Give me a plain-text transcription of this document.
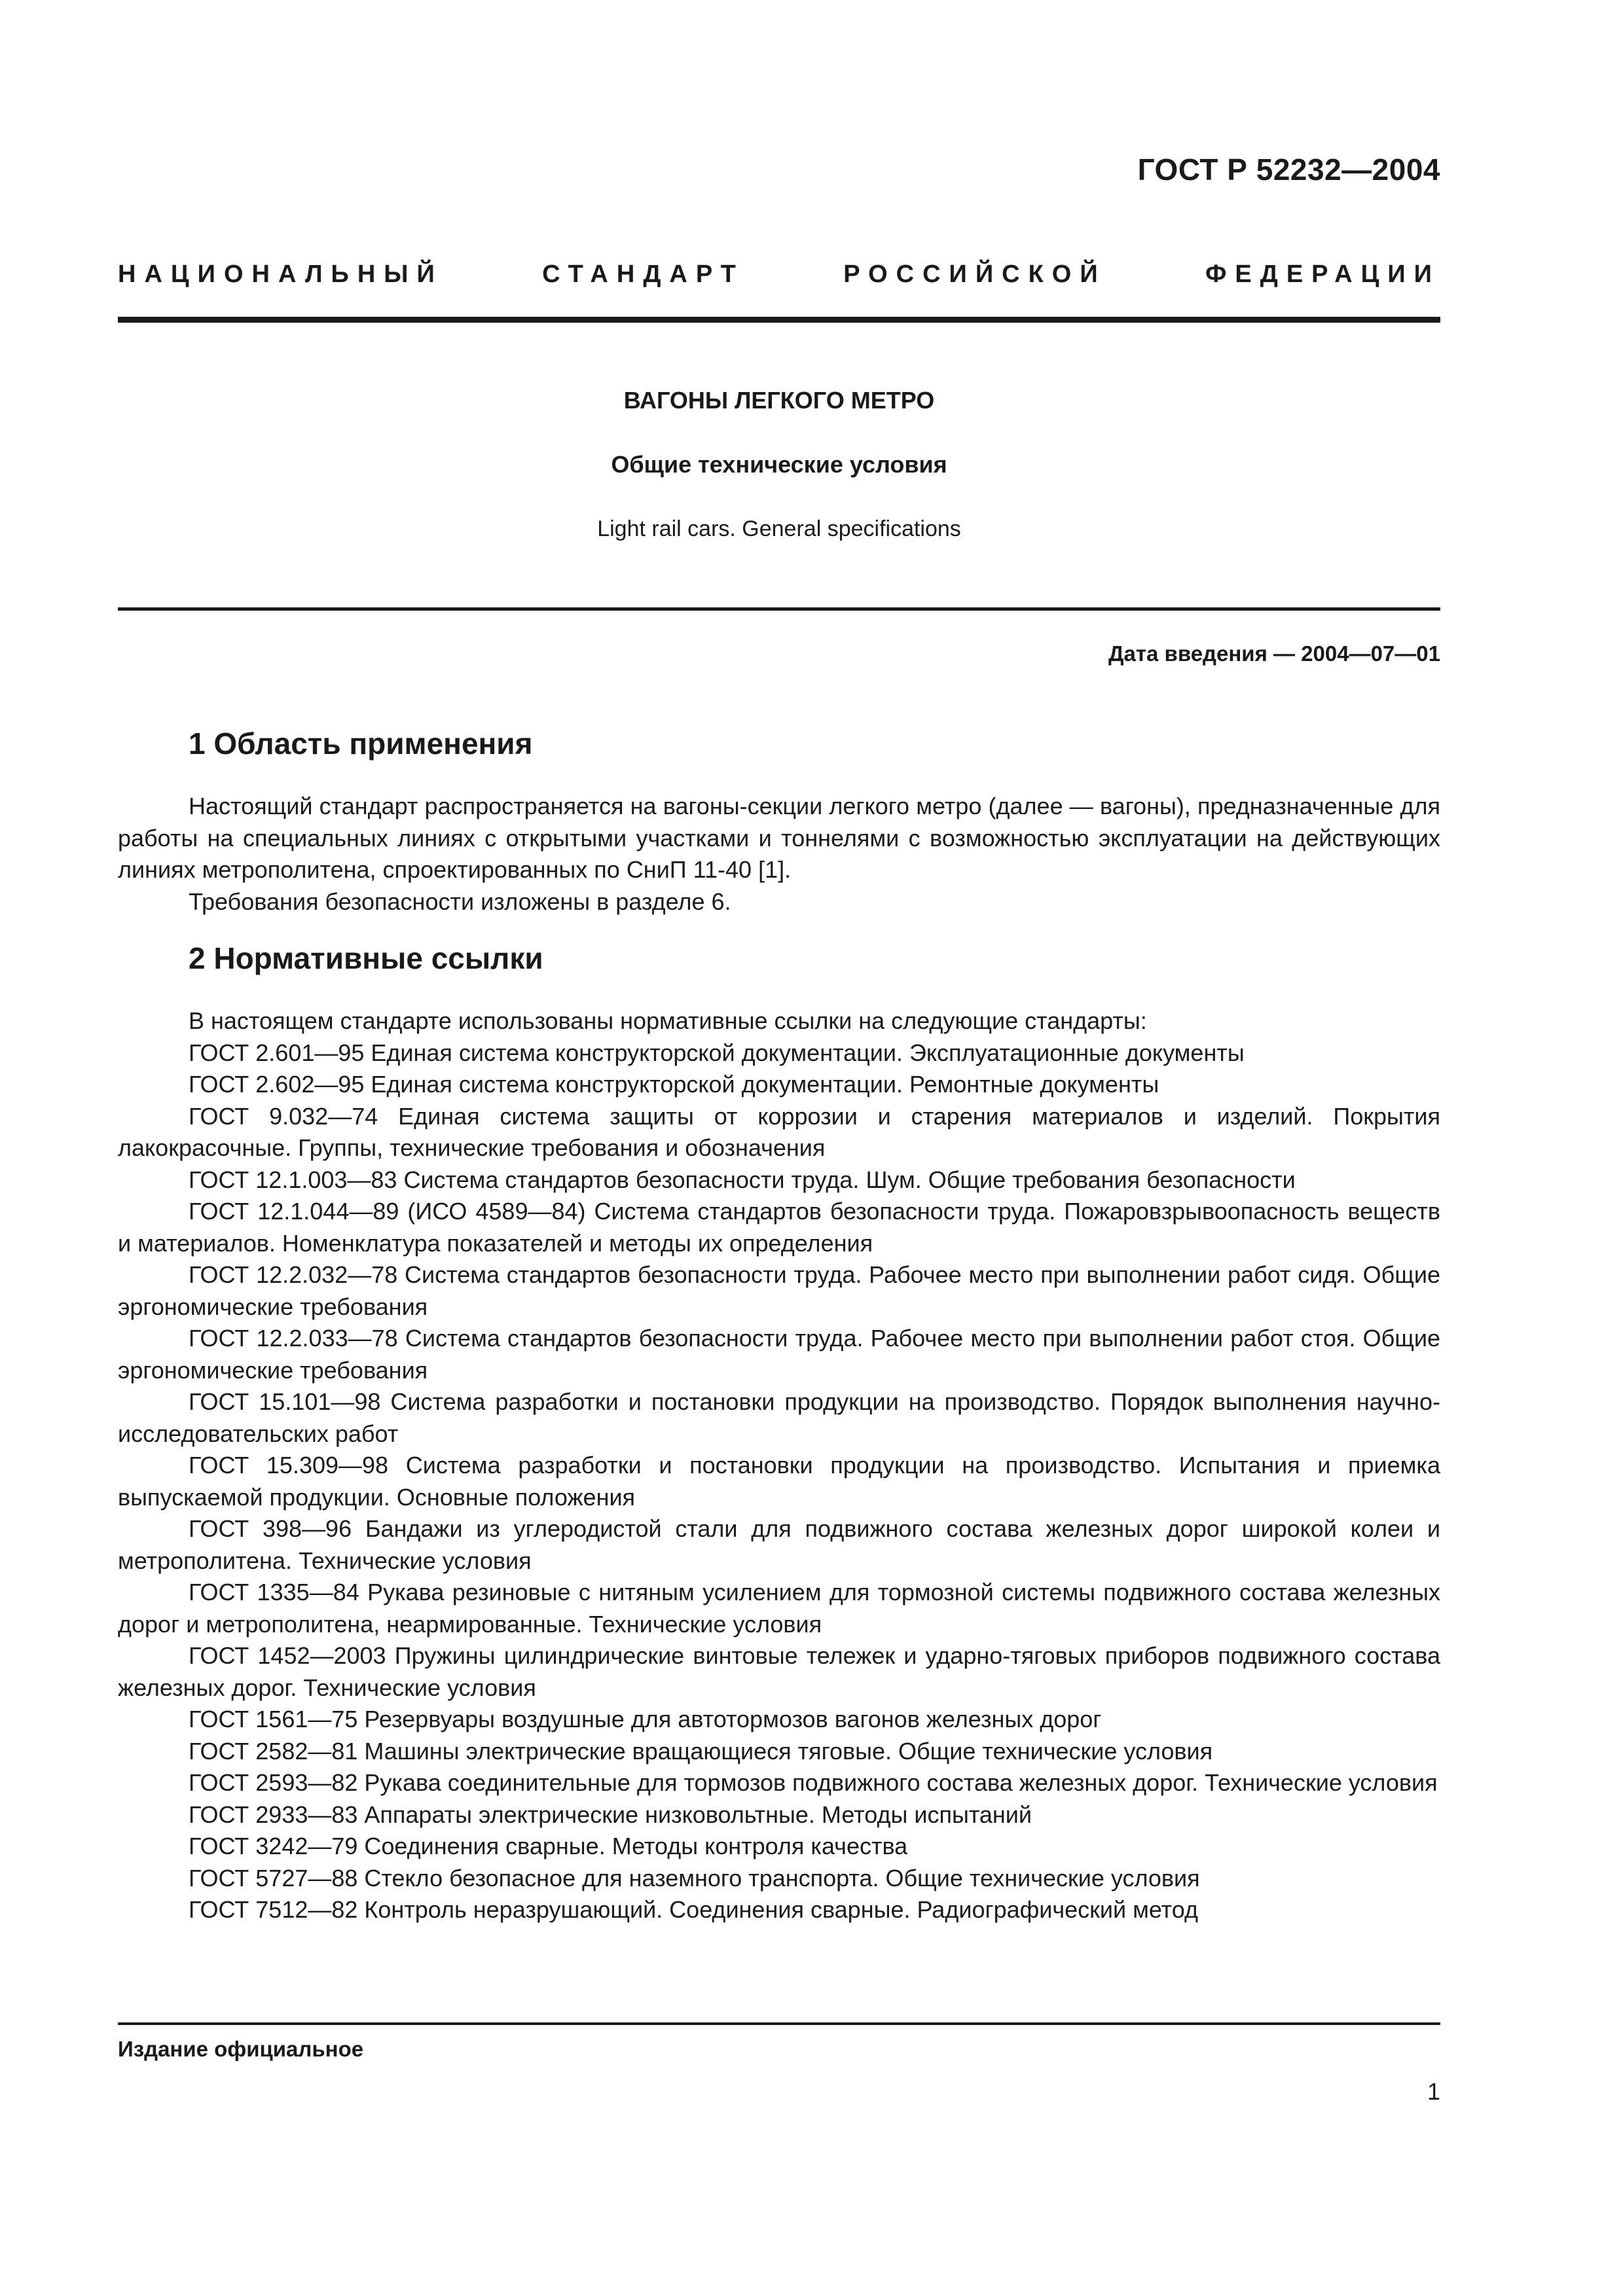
ГОСТ Р 52232—2004
НАЦИОНАЛЬНЫЙ СТАНДАРТ РОССИЙСКОЙ ФЕДЕРАЦИИ

ВАГОНЫ ЛЕГКОГО МЕТРО

Общие технические условия

Light rail cars. General specifications

Дата введения — 2004—07—01
1 Область применения

Настоящий стандарт распространяется на вагоны-секции легкого метро (далее — вагоны), предназначенные для работы на специальных линиях с открытыми участками и тоннелями с возможностью эксплуатации на действующих линиях метрополитена, спроектированных по СниП 11-40 [1].

Требования безопасности изложены в разделе 6.

2 Нормативные ссылки

В настоящем стандарте использованы нормативные ссылки на следующие стандарты:

ГОСТ 2.601—95 Единая система конструкторской документации. Эксплуатационные документы

ГОСТ 2.602—95 Единая система конструкторской документации. Ремонтные документы

ГОСТ 9.032—74 Единая система защиты от коррозии и старения материалов и изделий. Покрытия лакокрасочные. Группы, технические требования и обозначения

ГОСТ 12.1.003—83 Система стандартов безопасности труда. Шум. Общие требования безопасности

ГОСТ 12.1.044—89 (ИСО 4589—84) Система стандартов безопасности труда. Пожаровзрывоопасность веществ и материалов. Номенклатура показателей и методы их определения

ГОСТ 12.2.032—78 Система стандартов безопасности труда. Рабочее место при выполнении работ сидя. Общие эргономические требования

ГОСТ 12.2.033—78 Система стандартов безопасности труда. Рабочее место при выполнении работ стоя. Общие эргономические требования

ГОСТ 15.101—98 Система разработки и постановки продукции на производство. Порядок выполнения научно-исследовательских работ

ГОСТ 15.309—98 Система разработки и постановки продукции на производство. Испытания и приемка выпускаемой продукции. Основные положения

ГОСТ 398—96 Бандажи из углеродистой стали для подвижного состава железных дорог широкой колеи и метрополитена. Технические условия

ГОСТ 1335—84 Рукава резиновые с нитяным усилением для тормозной системы подвижного состава железных дорог и метрополитена, неармированные. Технические условия

ГОСТ 1452—2003 Пружины цилиндрические винтовые тележек и ударно-тяговых приборов подвижного состава железных дорог. Технические условия

ГОСТ 1561—75 Резервуары воздушные для автотормозов вагонов железных дорог

ГОСТ 2582—81 Машины электрические вращающиеся тяговые. Общие технические условия

ГОСТ 2593—82 Рукава соединительные для тормозов подвижного состава железных дорог. Технические условия

ГОСТ 2933—83 Аппараты электрические низковольтные. Методы испытаний

ГОСТ 3242—79 Соединения сварные. Методы контроля качества

ГОСТ 5727—88 Стекло безопасное для наземного транспорта. Общие технические условия

ГОСТ 7512—82 Контроль неразрушающий. Соединения сварные. Радиографический метод

Издание официальное
1
